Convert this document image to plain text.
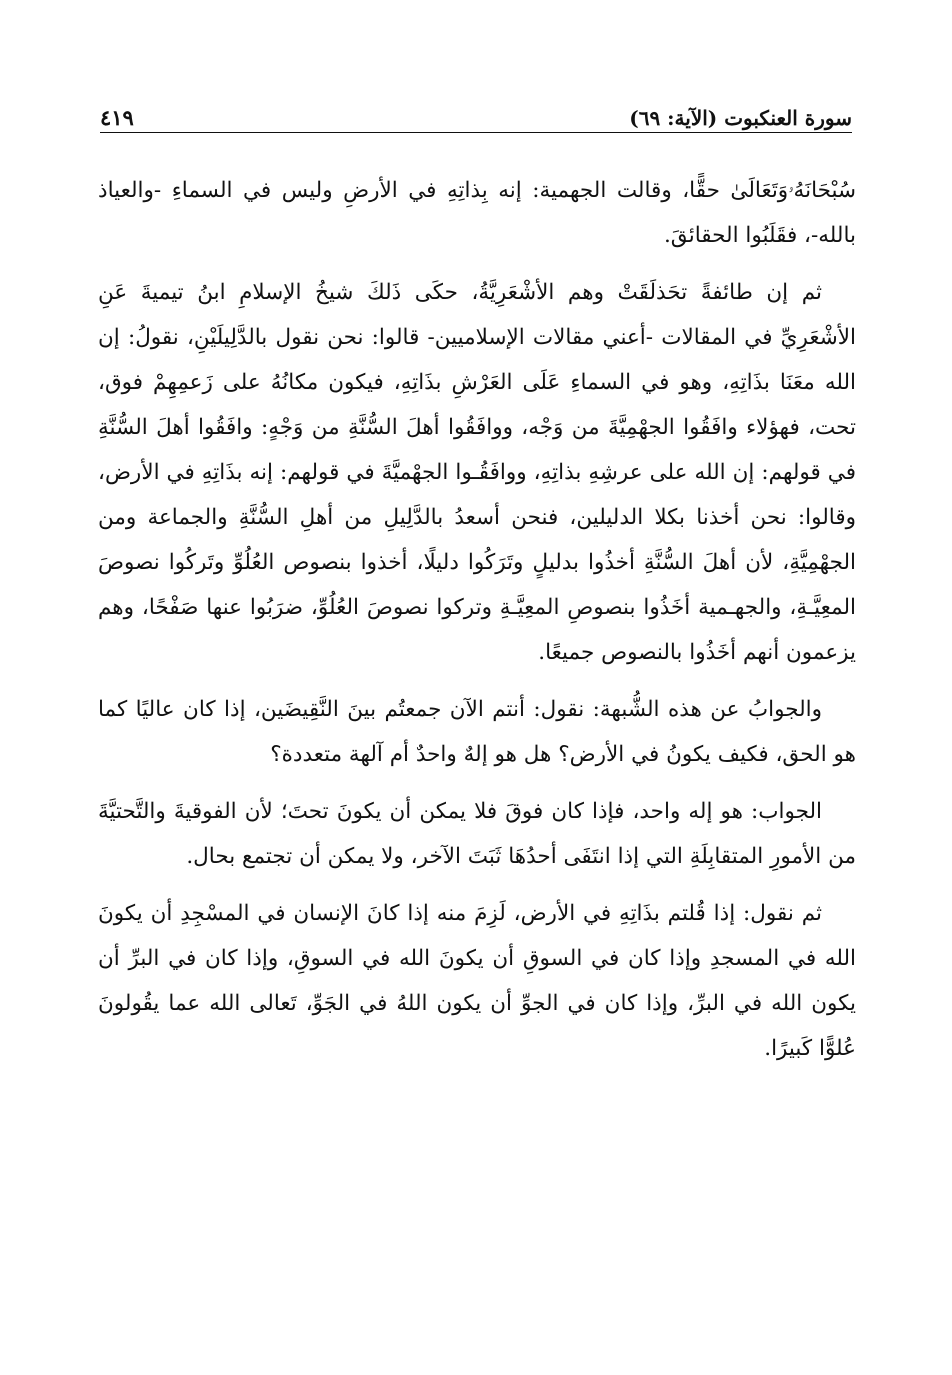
سورة العنكبوت (الآية: ٦٩)
٤١٩

سُبْحَانَهُۥوَتَعَالَىٰ حقًّا، وقالت الجهمية: إنه بِذاتِهِ في الأرضِ وليس في السماءِ -والعياذ بالله-، فقَلَبُوا الحقائقَ.

ثم إن طائفةً تحَذلَقَتْ وهم الأشْعَرِيَّةُ، حكَى ذَلكَ شيخُ الإسلامِ ابنُ تيميةَ عَنِ الأشْعَرِيِّ في المقالات -أعني مقالات الإسلاميين- قالوا: نحن نقول بالدَّلِيلَيْنِ، نقولُ: إن الله معَنَا بذَاتِهِ، وهو في السماءِ عَلَى العَرْشِ بذَاتِهِ، فيكون مكانُهُ على زَعمِهِمْ فوق، تحت، فهؤلاء وافَقُوا الجهْمِيَّةَ من وَجْه، ووافَقُوا أهلَ السُّنَّةِ من وَجْهٍ: وافَقُوا أهلَ السُّنَّةِ في قولهم: إن الله على عرشِهِ بذاتِهِ، ووافَقُـوا الجهْميَّةَ في قولهم: إنه بذَاتِهِ في الأرض، وقالوا: نحن أخذنا بكلا الدليلين، فنحن أسعدُ بالدَّلِيلِ من أهلِ السُّنَّةِ والجماعة ومن الجهْمِيَّةِ، لأن أهلَ السُّنَّةِ أخذُوا بدليلٍ وتَرَكُوا دليلًا، أخذوا بنصوص العُلُوِّ وتَركُوا نصوصَ المعِيَّـةِ، والجهـمية أخَذُوا بنصوصِ المعِيَّـةِ وتركوا نصوصَ العُلُوِّ، ضرَبُوا عنها صَفْحًا، وهم يزعمون أنهم أخَذُوا بالنصوص جميعًا.

والجوابُ عن هذه الشُّبهة: نقول: أنتم الآن جمعتُم بينَ النَّقِيضَين، إذا كان عاليًا كما هو الحق، فكيف يكونُ في الأرض؟ هل هو إلهٌ واحدٌ أم آلهة متعددة؟

الجواب: هو إله واحد، فإذا كان فوقَ فلا يمكن أن يكونَ تحتَ؛ لأن الفوقيةَ والتَّحتيَّةَ من الأمورِ المتقابِلَةِ التي إذا انتَفَى أحدُهَا ثَبَتَ الآخر، ولا يمكن أن تجتمع بحال.

ثم نقول: إذا قُلتم بذَاتِهِ في الأرض، لَزِمَ منه إذا كانَ الإنسان في المسْجِدِ أن يكونَ الله في المسجدِ وإذا كان في السوقِ أن يكونَ الله في السوقِ، وإذا كان في البرِّ أن يكون الله في البرِّ، وإذا كان في الجوِّ أن يكون اللهُ في الجَوِّ، تَعالى الله عما يقُولونَ عُلوًّا كَبيرًا.
